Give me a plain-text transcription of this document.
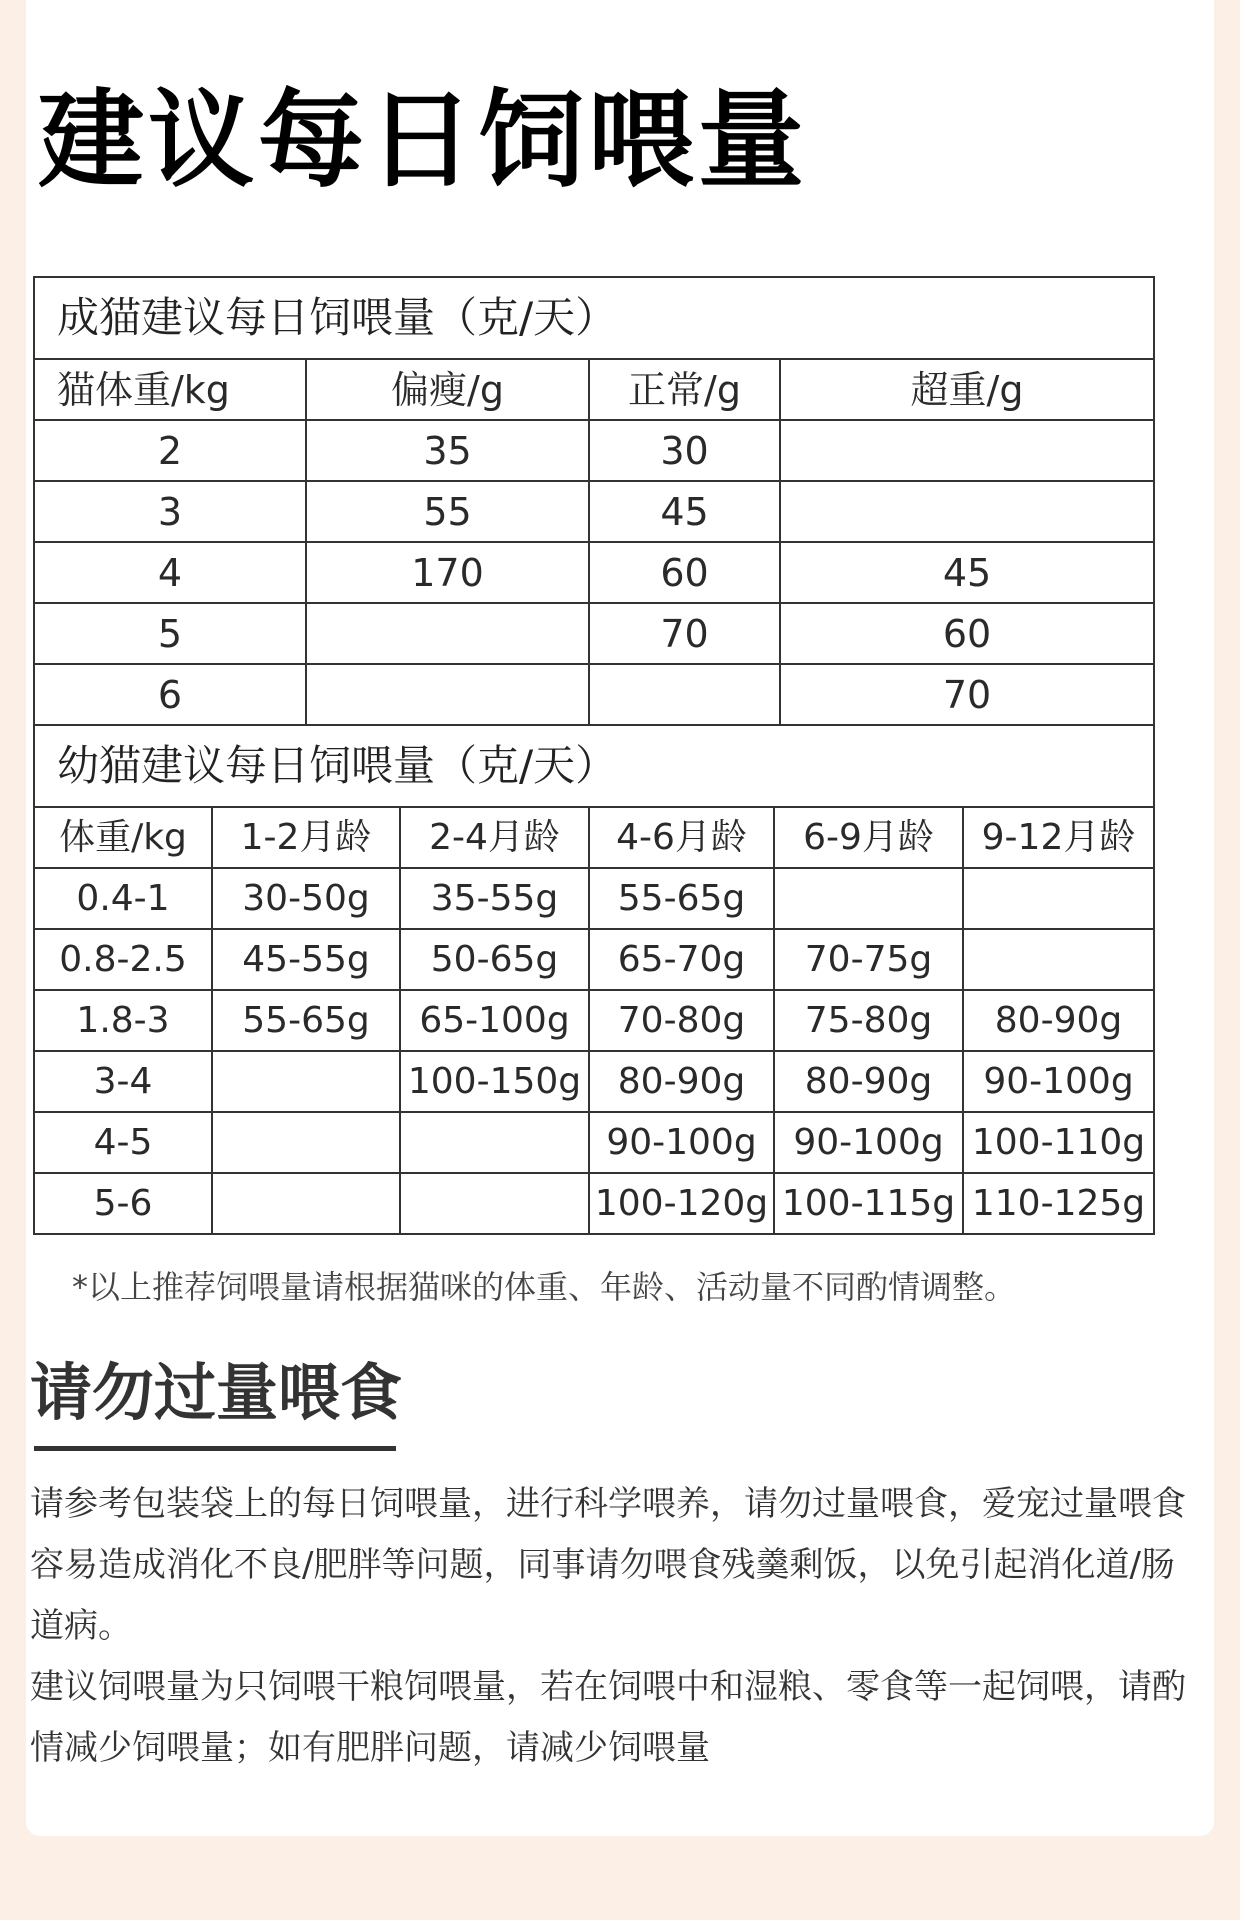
建议每日饲喂量
成猫建议每日饲喂量（克/天）							
猫体重/kg		偏瘦/g		正常/g		超重/g	
2		35		30			
3		55		45			
4		170		60		45	
5				70		60	
6						70	
幼猫建议每日饲喂量（克/天）							
体重/kg	1-2月龄		2-4月龄	4-6月龄	6-9月龄		9-12月龄
0.4-1	30-50g		35-55g	55-65g			
0.8-2.5	45-55g		50-65g	65-70g	70-75g		
1.8-3	55-65g		65-100g	70-80g	75-80g		80-90g
3-4			100-150g	80-90g	80-90g		90-100g
4-5				90-100g	90-100g		100-110g
5-6				100-120g	100-115g		110-125g
*以上推荐饲喂量请根据猫咪的体重、年龄、活动量不同酌情调整。
请勿过量喂食

请参考包装袋上的每日饲喂量，进行科学喂养，请勿过量喂食，爱宠过量喂食容易造成消化不良/肥胖等问题，同事请勿喂食残羹剩饭，以免引起消化道/肠道病。

建议饲喂量为只饲喂干粮饲喂量，若在饲喂中和湿粮、零食等一起饲喂，请酌情减少饲喂量；如有肥胖问题，请减少饲喂量
